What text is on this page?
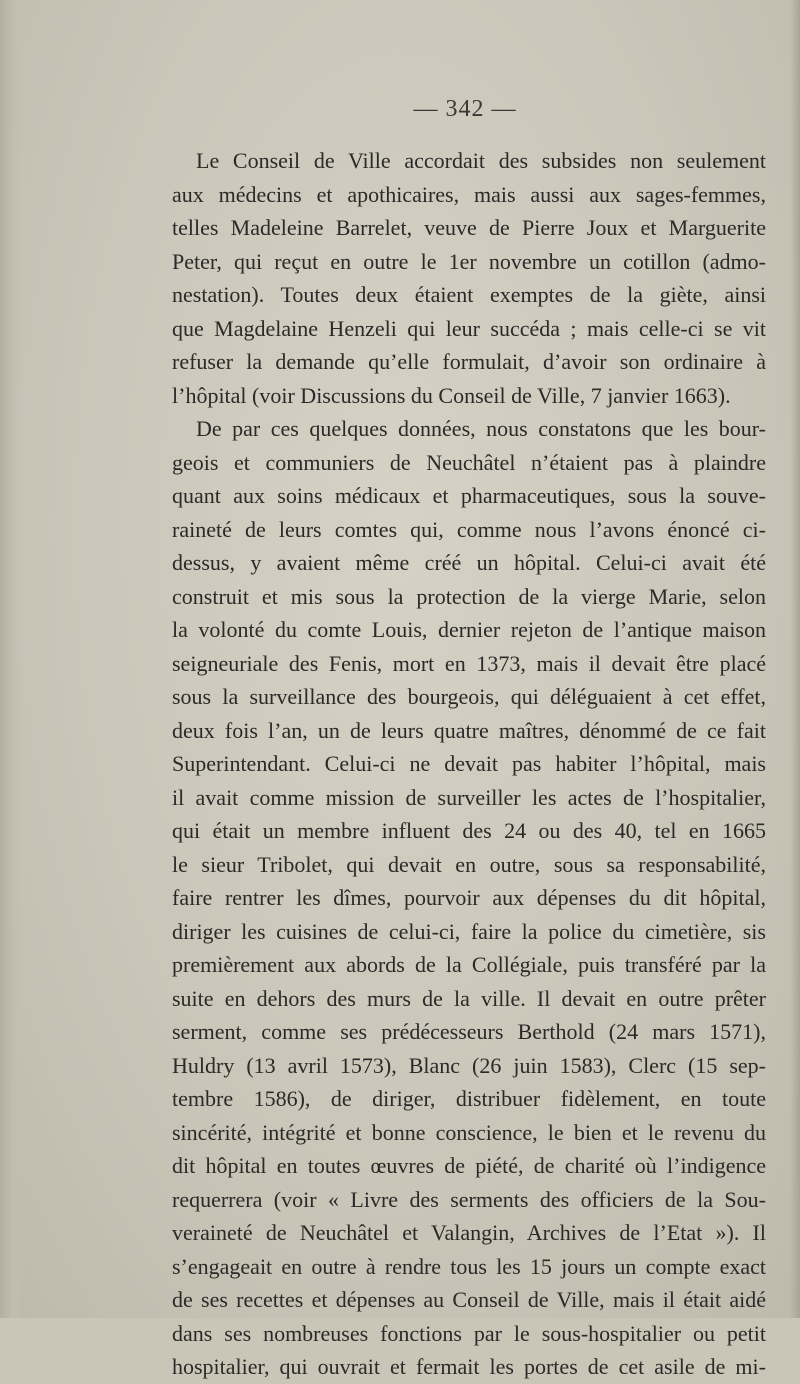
— 342 —
Le Conseil de Ville accordait des subsides non seulement
aux médecins et apothicaires, mais aussi aux sages-femmes,
telles Madeleine Barrelet, veuve de Pierre Joux et Marguerite
Peter, qui reçut en outre le 1er novembre un cotillon (admo-
nestation). Toutes deux étaient exemptes de la giète, ainsi
que Magdelaine Henzeli qui leur succéda ; mais celle-ci se vit
refuser la demande qu’elle formulait, d’avoir son ordinaire à
l’hôpital (voir Discussions du Conseil de Ville, 7 janvier 1663).
De par ces quelques données, nous constatons que les bour-
geois et communiers de Neuchâtel n’étaient pas à plaindre
quant aux soins médicaux et pharmaceutiques, sous la souve-
raineté de leurs comtes qui, comme nous l’avons énoncé ci-
dessus, y avaient même créé un hôpital. Celui-ci avait été
construit et mis sous la protection de la vierge Marie, selon
la volonté du comte Louis, dernier rejeton de l’antique maison
seigneuriale des Fenis, mort en 1373, mais il devait être placé
sous la surveillance des bourgeois, qui déléguaient à cet effet,
deux fois l’an, un de leurs quatre maîtres, dénommé de ce fait
Superintendant. Celui-ci ne devait pas habiter l’hôpital, mais
il avait comme mission de surveiller les actes de l’hospitalier,
qui était un membre influent des 24 ou des 40, tel en 1665
le sieur Tribolet, qui devait en outre, sous sa responsabilité,
faire rentrer les dîmes, pourvoir aux dépenses du dit hôpital,
diriger les cuisines de celui-ci, faire la police du cimetière, sis
premièrement aux abords de la Collégiale, puis transféré par la
suite en dehors des murs de la ville. Il devait en outre prêter
serment, comme ses prédécesseurs Berthold (24 mars 1571),
Huldry (13 avril 1573), Blanc (26 juin 1583), Clerc (15 sep-
tembre 1586), de diriger, distribuer fidèlement, en toute
sincérité, intégrité et bonne conscience, le bien et le revenu du
dit hôpital en toutes œuvres de piété, de charité où l’indigence
requerrera (voir « Livre des serments des officiers de la Sou-
veraineté de Neuchâtel et Valangin, Archives de l’Etat »). Il
s’engageait en outre à rendre tous les 15 jours un compte exact
de ses recettes et dépenses au Conseil de Ville, mais il était aidé
dans ses nombreuses fonctions par le sous-hospitalier ou petit
hospitalier, qui ouvrait et fermait les portes de cet asile de mi-
